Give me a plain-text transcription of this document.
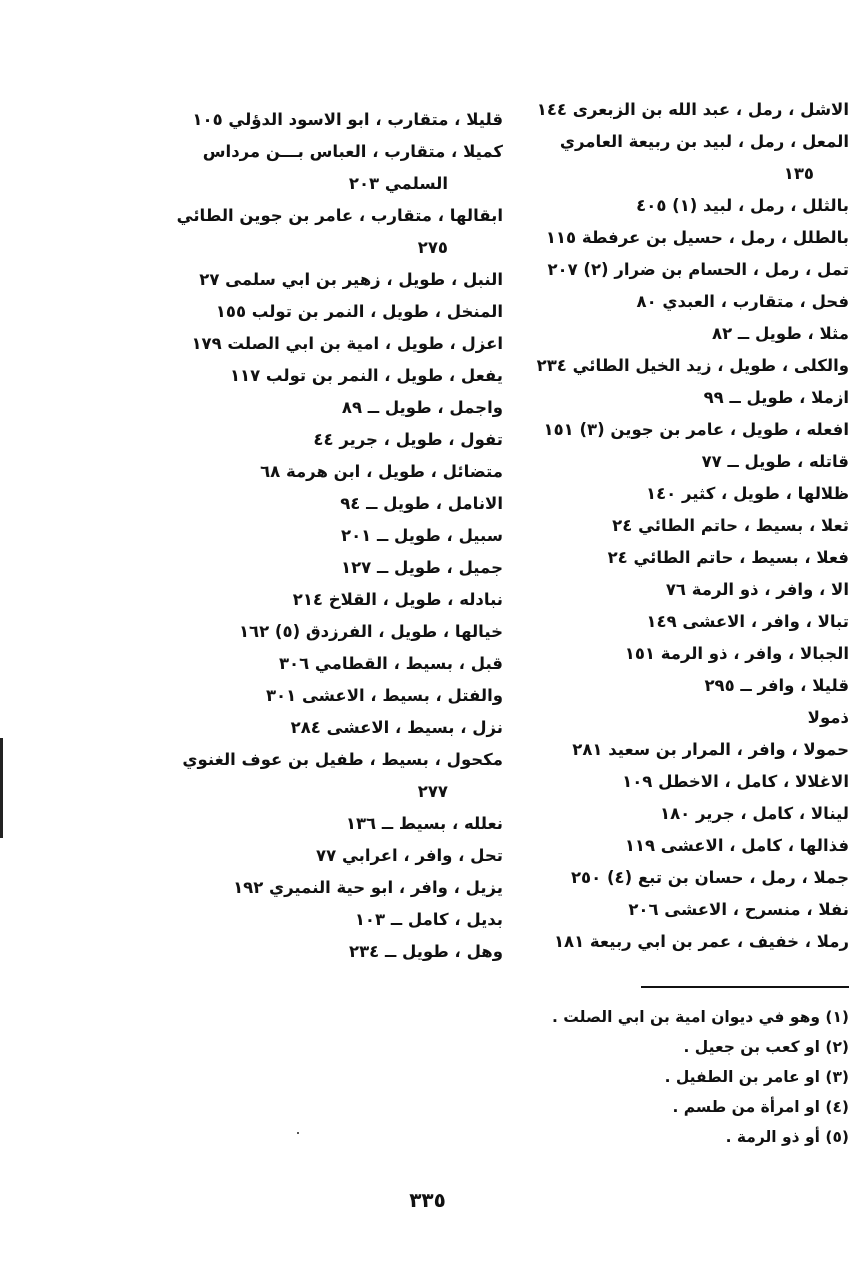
الاشل ، رمل ، عبد الله بن الزبعرى ١٤٤
المعل ، رمل ، لبيد بن ربيعة العامري
١٣٥
بالثلل ، رمل ، لبيد (١) ٤٠٥
بالطلل ، رمل ، حسيل بن عرفطة ١١٥
تمل ، رمل ، الحسام بن ضرار (٢) ٢٠٧
فحل ، متقارب ، العبدي ٨٠
مثلا ، طويل ــ ٨٢
والكلى ، طويل ، زيد الخيل الطائي ٢٣٤
ازملا ، طويل ــ ٩٩
افعله ، طويل ، عامر بن جوين (٣) ١٥١
قاتله ، طويل ــ ٧٧
ظلالها ، طويل ، كثير ١٤٠
ثعلا ، بسيط ، حاتم الطائي ٢٤
فعلا ، بسيط ، حاتم الطائي ٢٤
الا ، وافر ، ذو الرمة ٧٦
تبالا ، وافر ، الاعشى ١٤٩
الجبالا ، وافر ، ذو الرمة ١٥١
قليلا ، وافر ــ ٢٩٥
ذمولا
حمولا ، وافر ، المرار بن سعيد ٢٨١
الاغلالا ، كامل ، الاخطل ١٠٩
لينالا ، كامل ، جرير ١٨٠
فذالها ، كامل ، الاعشى ١١٩
جملا ، رمل ، حسان بن تبع (٤) ٢٥٠
نفلا ، منسرح ، الاعشى ٢٠٦
رملا ، خفيف ، عمر بن ابي ربيعة ١٨١
قليلا ، متقارب ، ابو الاسود الدؤلي ١٠٥
كميلا ، متقارب ، العباس بـــن مرداس
السلمي ٢٠٣
ابقالها ، متقارب ، عامر بن جوين الطائي
٢٧٥
النبل ، طويل ، زهير بن ابي سلمى ٢٧
المنخل ، طويل ، النمر بن تولب ١٥٥
اعزل ، طويل ، امية بن ابي الصلت ١٧٩
يفعل ، طويل ، النمر بن تولب ١١٧
واجمل ، طويل ــ ٨٩
تفول ، طويل ، جرير ٤٤
متضائل ، طويل ، ابن هرمة ٦٨
الانامل ، طويل ــ ٩٤
سبيل ، طويل ــ ٢٠١
جميل ، طويل ــ ١٢٧
نبادله ، طويل ، القلاخ ٢١٤
خيالها ، طويل ، الفرزدق (٥) ١٦٢
قبل ، بسيط ، القطامي ٣٠٦
والفتل ، بسيط ، الاعشى ٣٠١
نزل ، بسيط ، الاعشى ٢٨٤
مكحول ، بسيط ، طفيل بن عوف الغنوي
٢٧٧
نعلله ، بسيط ــ ١٣٦
تحل ، وافر ، اعرابي ٧٧
يزيل ، وافر ، ابو حية النميري ١٩٢
بديل ، كامل ــ ١٠٣
وهل ، طويل ــ ٢٣٤
(١) وهو في ديوان امية بن ابي الصلت .
(٢) او كعب بن جعيل .
(٣) او عامر بن الطفيل .
(٤) او امرأة من طسم .
(٥) أو ذو الرمة .
٣٣٥
